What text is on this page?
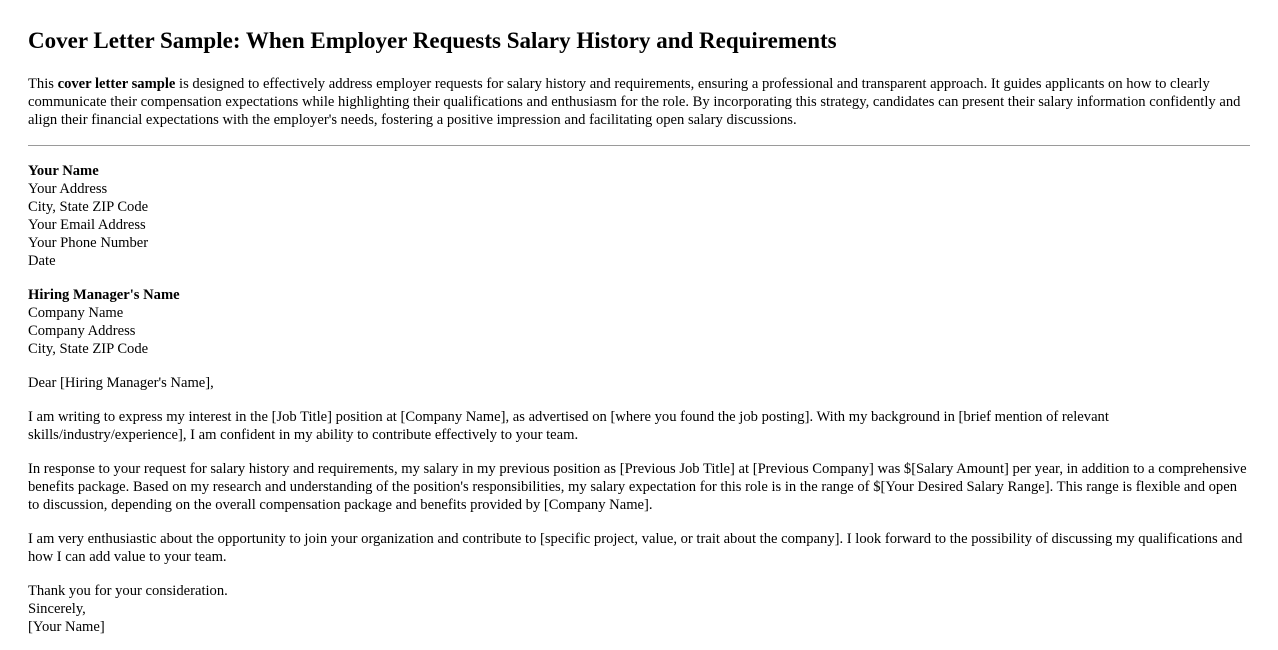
Cover Letter Sample: When Employer Requests Salary History and Requirements

This cover letter sample is designed to effectively address employer requests for salary history and requirements, ensuring a professional and transparent approach. It guides applicants on how to clearly communicate their compensation expectations while highlighting their qualifications and enthusiasm for the role. By incorporating this strategy, candidates can present their salary information confidently and align their financial expectations with the employer's needs, fostering a positive impression and facilitating open salary discussions.

Your Name
Your Address
City, State ZIP Code
Your Email Address
Your Phone Number
Date
Hiring Manager's Name
Company Name
Company Address
City, State ZIP Code

Dear [Hiring Manager's Name],

I am writing to express my interest in the [Job Title] position at [Company Name], as advertised on [where you found the job posting]. With my background in [brief mention of relevant skills/industry/experience], I am confident in my ability to contribute effectively to your team.

In response to your request for salary history and requirements, my salary in my previous position as [Previous Job Title] at [Previous Company] was $[Salary Amount] per year, in addition to a comprehensive benefits package. Based on my research and understanding of the position's responsibilities, my salary expectation for this role is in the range of $[Your Desired Salary Range]. This range is flexible and open to discussion, depending on the overall compensation package and benefits provided by [Company Name].

I am very enthusiastic about the opportunity to join your organization and contribute to [specific project, value, or trait about the company]. I look forward to the possibility of discussing my qualifications and how I can add value to your team.

Thank you for your consideration.
Sincerely,
[Your Name]
